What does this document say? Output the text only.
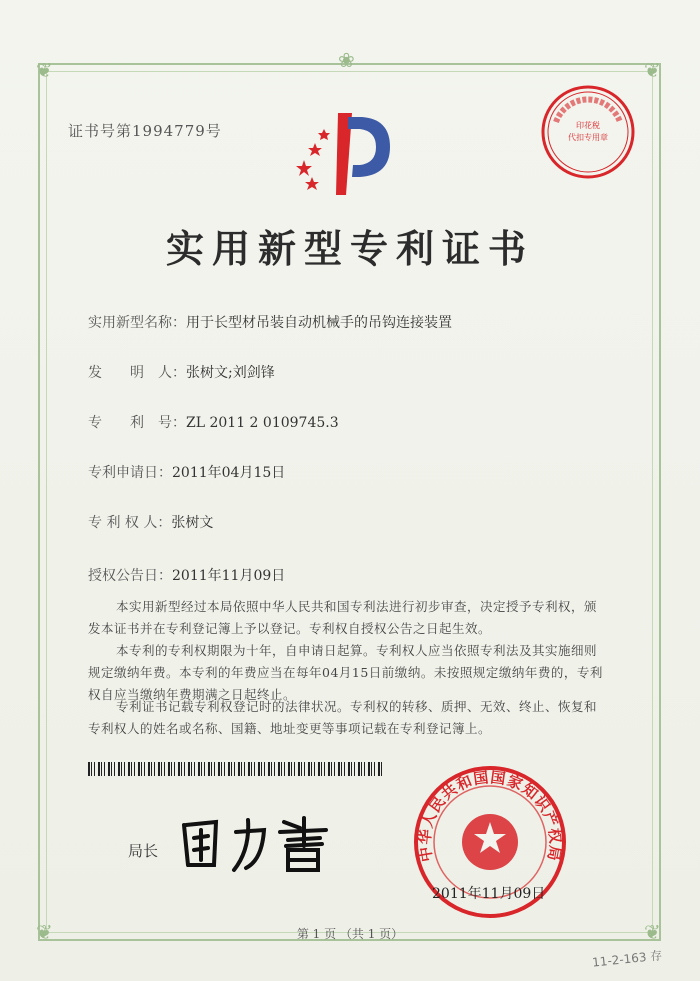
❦	❦
❦	❦
❀
证书号第1994779号	印花税
代扣专用章
实用新型专利证书
实用新型名称：用于长型材吊装自动机械手的吊钩连接装置
发　　明　人：张树文;刘剑锋
专　　利　号：ZL 2011 2 0109745.3
专利申请日：2011年04月15日
专 利 权 人：张树文
授权公告日：2011年11月09日
本实用新型经过本局依照中华人民共和国专利法进行初步审查，决定授予专利权，颁发本证书并在专利登记簿上予以登记。专利权自授权公告之日起生效。
本专利的专利权期限为十年，自申请日起算。专利权人应当依照专利法及其实施细则规定缴纳年费。本专利的年费应当在每年04月15日前缴纳。未按照规定缴纳年费的，专利权自应当缴纳年费期满之日起终止。
专利证书记载专利权登记时的法律状况。专利权的转移、质押、无效、终止、恢复和专利权人的姓名或名称、国籍、地址变更等事项记载在专利登记簿上。
局长	中华人民共和国国家知识产权局
2011年11月09日
第 1 页 （共 1 页）
11-2-163 存
